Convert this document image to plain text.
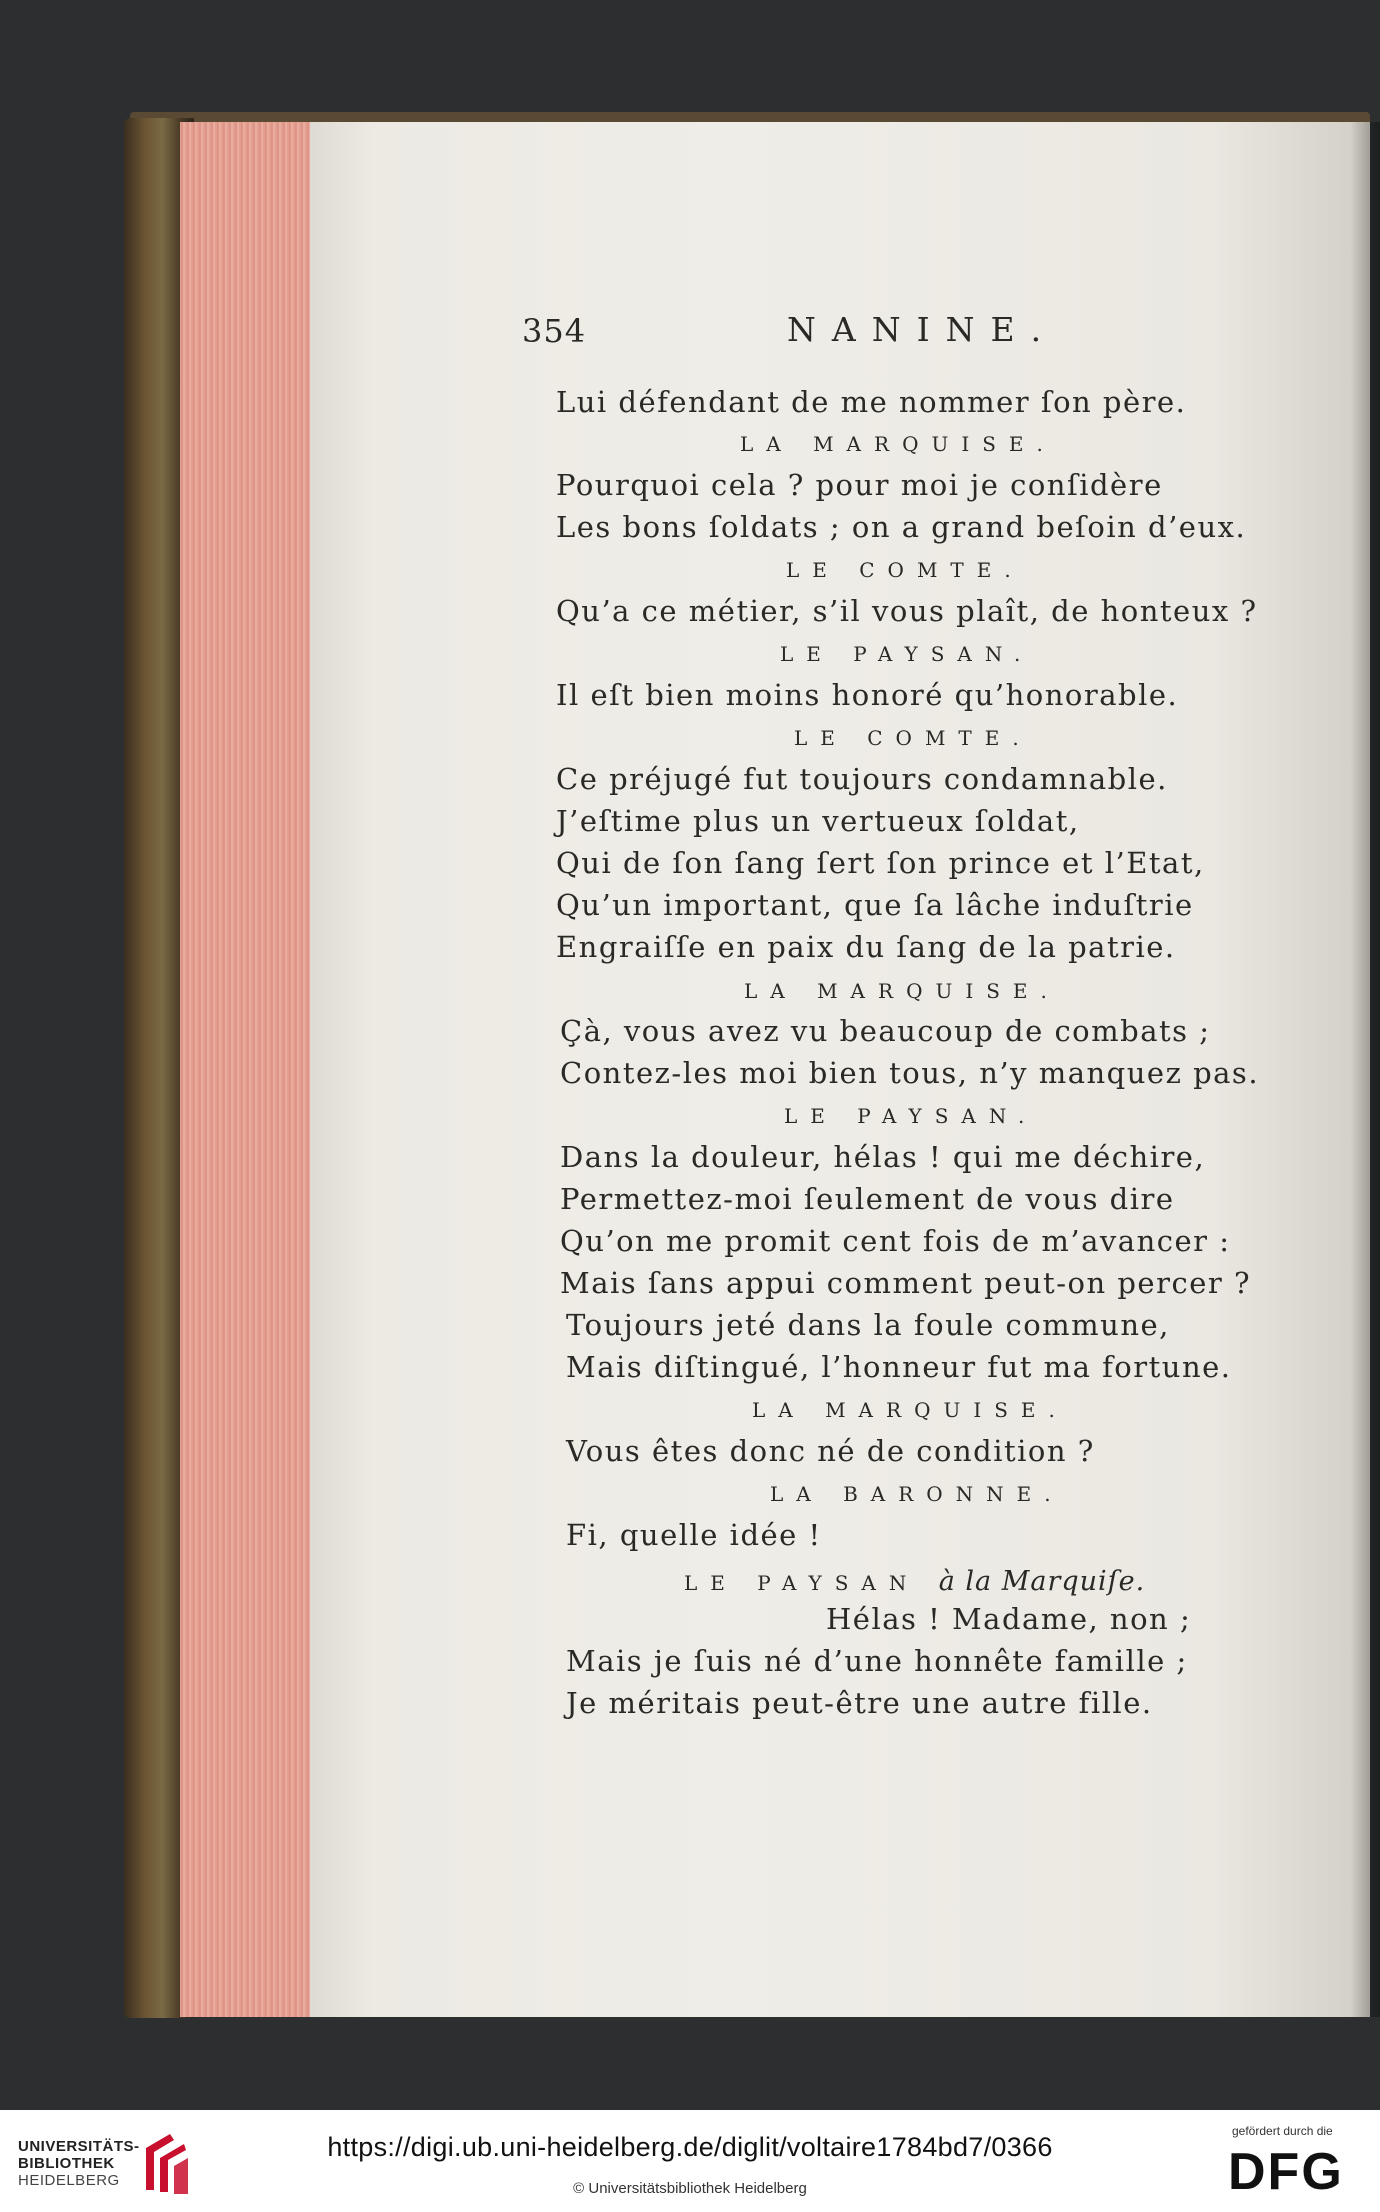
354	NANINE.
Lui défendant de me nommer ſon père.
LA MARQUISE.
Pourquoi cela ? pour moi je conſidère
Les bons ſoldats ; on a grand beſoin d’eux.
LE COMTE.
Qu’a ce métier, s’il vous plaît, de honteux ?
LE PAYSAN.
Il eſt bien moins honoré qu’honorable.
LE COMTE.
Ce préjugé fut toujours condamnable.
J’eſtime plus un vertueux ſoldat,
Qui de ſon ſang ſert ſon prince et l’Etat,
Qu’un important, que ſa lâche induſtrie
Engraiſſe en paix du ſang de la patrie.
LA MARQUISE.
Çà, vous avez vu beaucoup de combats ;
Contez-les moi bien tous, n’y manquez pas.
LE PAYSAN.
Dans la douleur, hélas ! qui me déchire,
Permettez-moi ſeulement de vous dire
Qu’on me promit cent fois de m’avancer :
Mais ſans appui comment peut-on percer ?
Toujours jeté dans la foule commune,
Mais diſtingué, l’honneur fut ma fortune.
LA MARQUISE.
Vous êtes donc né de condition ?
LA BARONNE.
Fi, quelle idée !
LE PAYSAN à la Marquiſe.
Hélas ! Madame, non ;
Mais je ſuis né d’une honnête famille ;
Je méritais peut-être une autre fille.
UNIVERSITÄTS-
BIBLIOTHEK
HEIDELBERG
https://digi.ub.uni-heidelberg.de/diglit/voltaire1784bd7/0366
© Universitätsbibliothek Heidelberg
gefördert durch die
DFG
